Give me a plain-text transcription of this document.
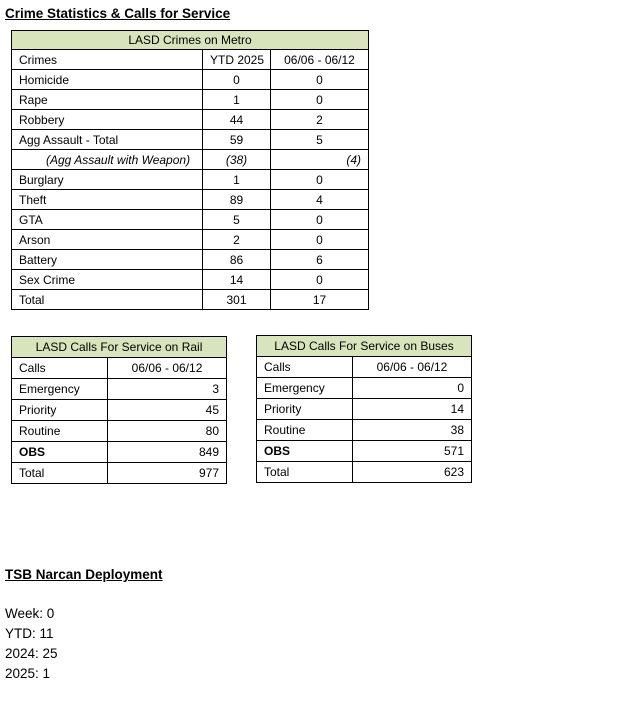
Crime Statistics & Calls for Service
LASD Crimes on Metro		
Crimes	YTD 2025	06/06 - 06/12
Homicide	0	0
Rape	1	0
Robbery	44	2
Agg Assault - Total	59	5
(Agg Assault with Weapon)	(38)	(4)
Burglary	1	0
Theft	89	4
GTA	5	0
Arson	2	0
Battery	86	6
Sex Crime	14	0
Total	301	17
LASD Calls For Service on Rail	
Calls	06/06 - 06/12
Emergency	3
Priority	45
Routine	80
OBS	849
Total	977
LASD Calls For Service on Buses	
Calls	06/06 - 06/12
Emergency	0
Priority	14
Routine	38
OBS	571
Total	623
TSB Narcan Deployment
Week: 0
YTD: 11
2024: 25
2025: 1
